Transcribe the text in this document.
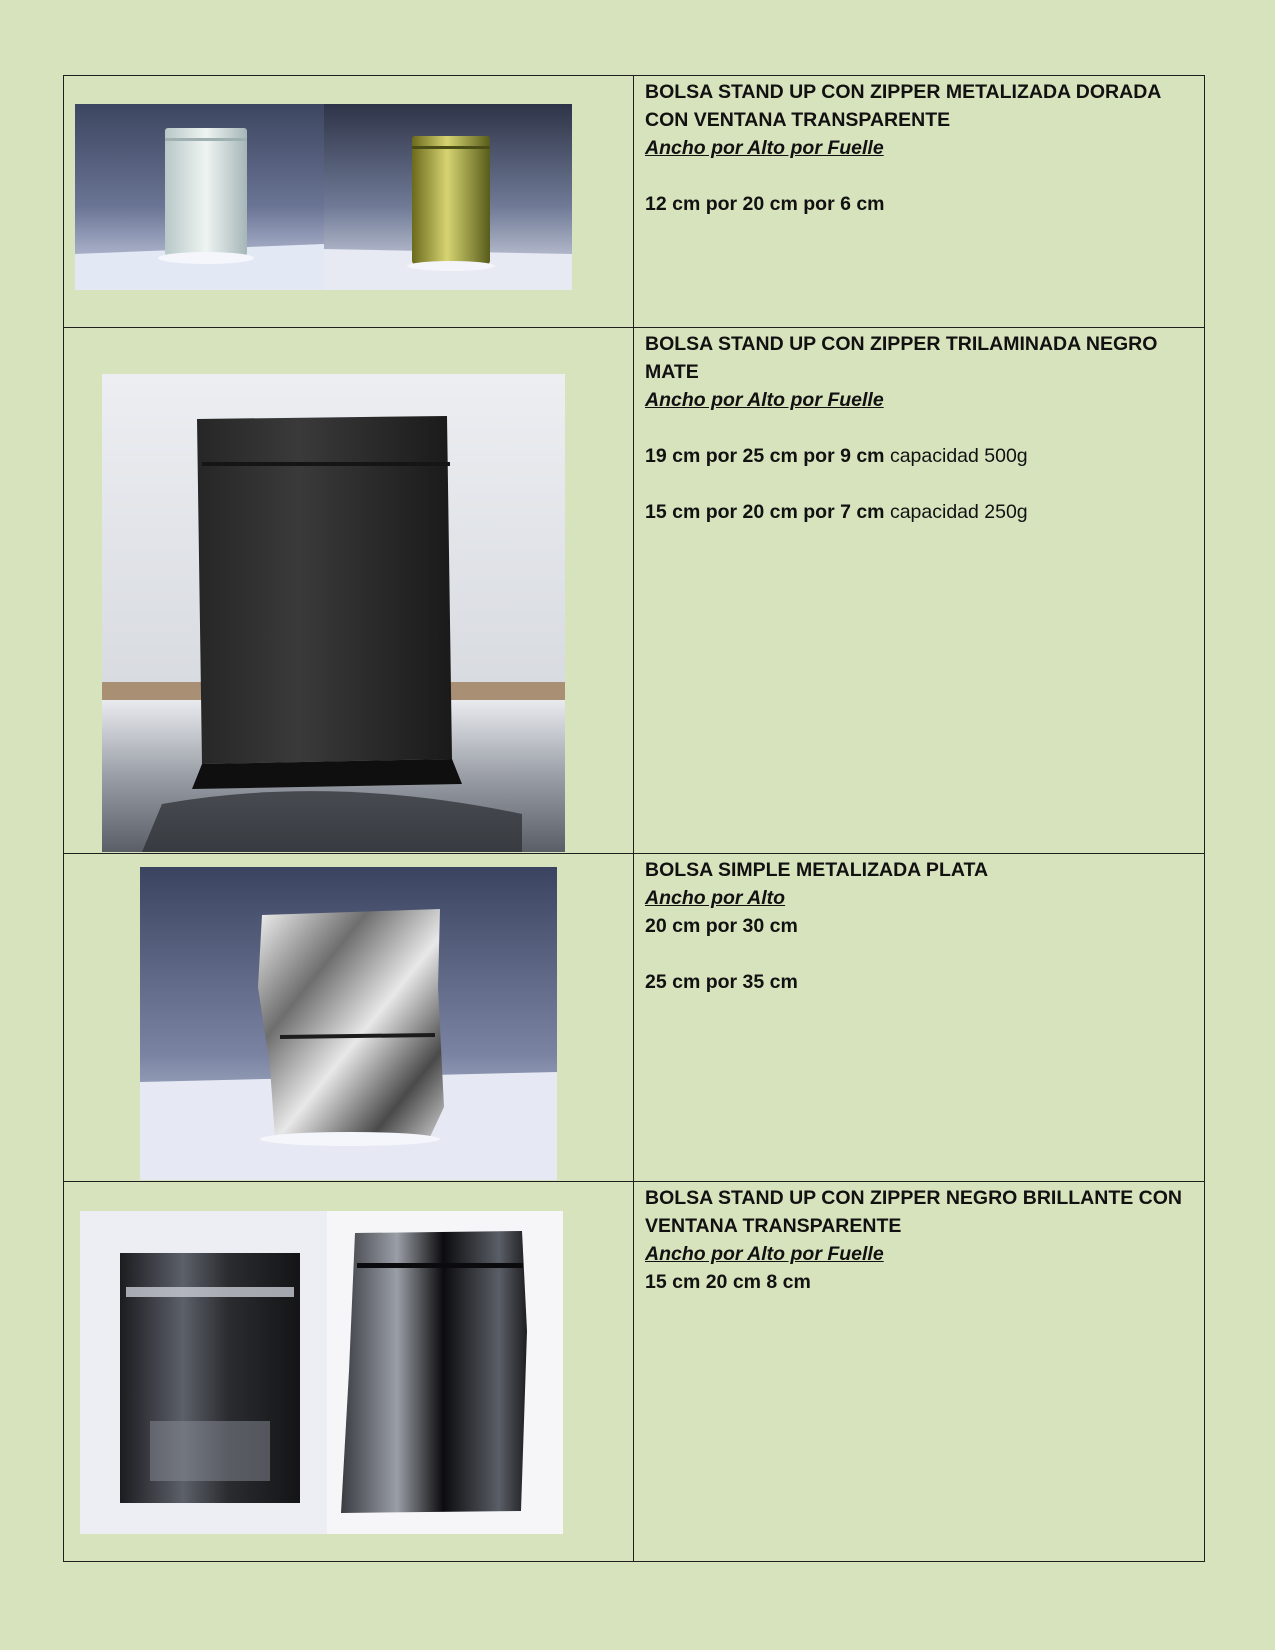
BOLSA STAND UP CON ZIPPER METALIZADA DORADA

CON VENTANA TRANSPARENTE

Ancho por Alto por Fuelle

12 cm por 20 cm por 6 cm

BOLSA STAND UP CON ZIPPER TRILAMINADA NEGRO

MATE

Ancho por Alto por Fuelle

19 cm por 25 cm por 9 cm capacidad 500g

15 cm por 20 cm por 7 cm capacidad 250g

BOLSA SIMPLE METALIZADA PLATA

Ancho por Alto

20 cm por 30 cm

25 cm por 35 cm

BOLSA STAND UP CON ZIPPER NEGRO BRILLANTE CON

VENTANA TRANSPARENTE

Ancho por Alto por Fuelle

15 cm 20 cm 8 cm
